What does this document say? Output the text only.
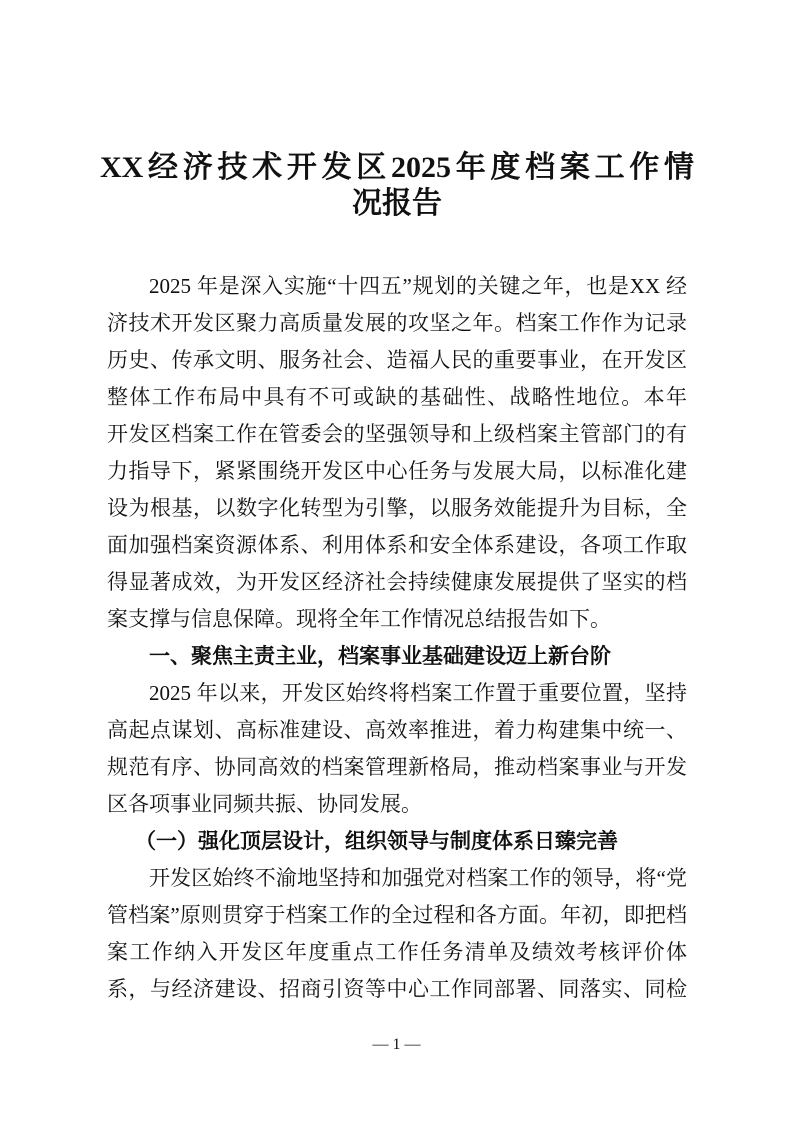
XX经济技术开发区2025年度档案工作情
况报告
2025 年是深入实施“十四五”规划的关键之年，也是XX 经
济技术开发区聚力高质量发展的攻坚之年。档案工作作为记录
历史、传承文明、服务社会、造福人民的重要事业，在开发区
整体工作布局中具有不可或缺的基础性、战略性地位。本年
开发区档案工作在管委会的坚强领导和上级档案主管部门的有
力指导下，紧紧围绕开发区中心任务与发展大局，以标准化建
设为根基，以数字化转型为引擎，以服务效能提升为目标，全
面加强档案资源体系、利用体系和安全体系建设，各项工作取
得显著成效，为开发区经济社会持续健康发展提供了坚实的档
案支撑与信息保障。现将全年工作情况总结报告如下。
一、聚焦主责主业，档案事业基础建设迈上新台阶
2025 年以来，开发区始终将档案工作置于重要位置，坚持
高起点谋划、高标准建设、高效率推进，着力构建集中统一、
规范有序、协同高效的档案管理新格局，推动档案事业与开发
区各项事业同频共振、协同发展。
（一）强化顶层设计，组织领导与制度体系日臻完善
开发区始终不渝地坚持和加强党对档案工作的领导，将“党
管档案”原则贯穿于档案工作的全过程和各方面。年初，即把档
案工作纳入开发区年度重点工作任务清单及绩效考核评价体
系，与经济建设、招商引资等中心工作同部署、同落实、同检
— 1 —
